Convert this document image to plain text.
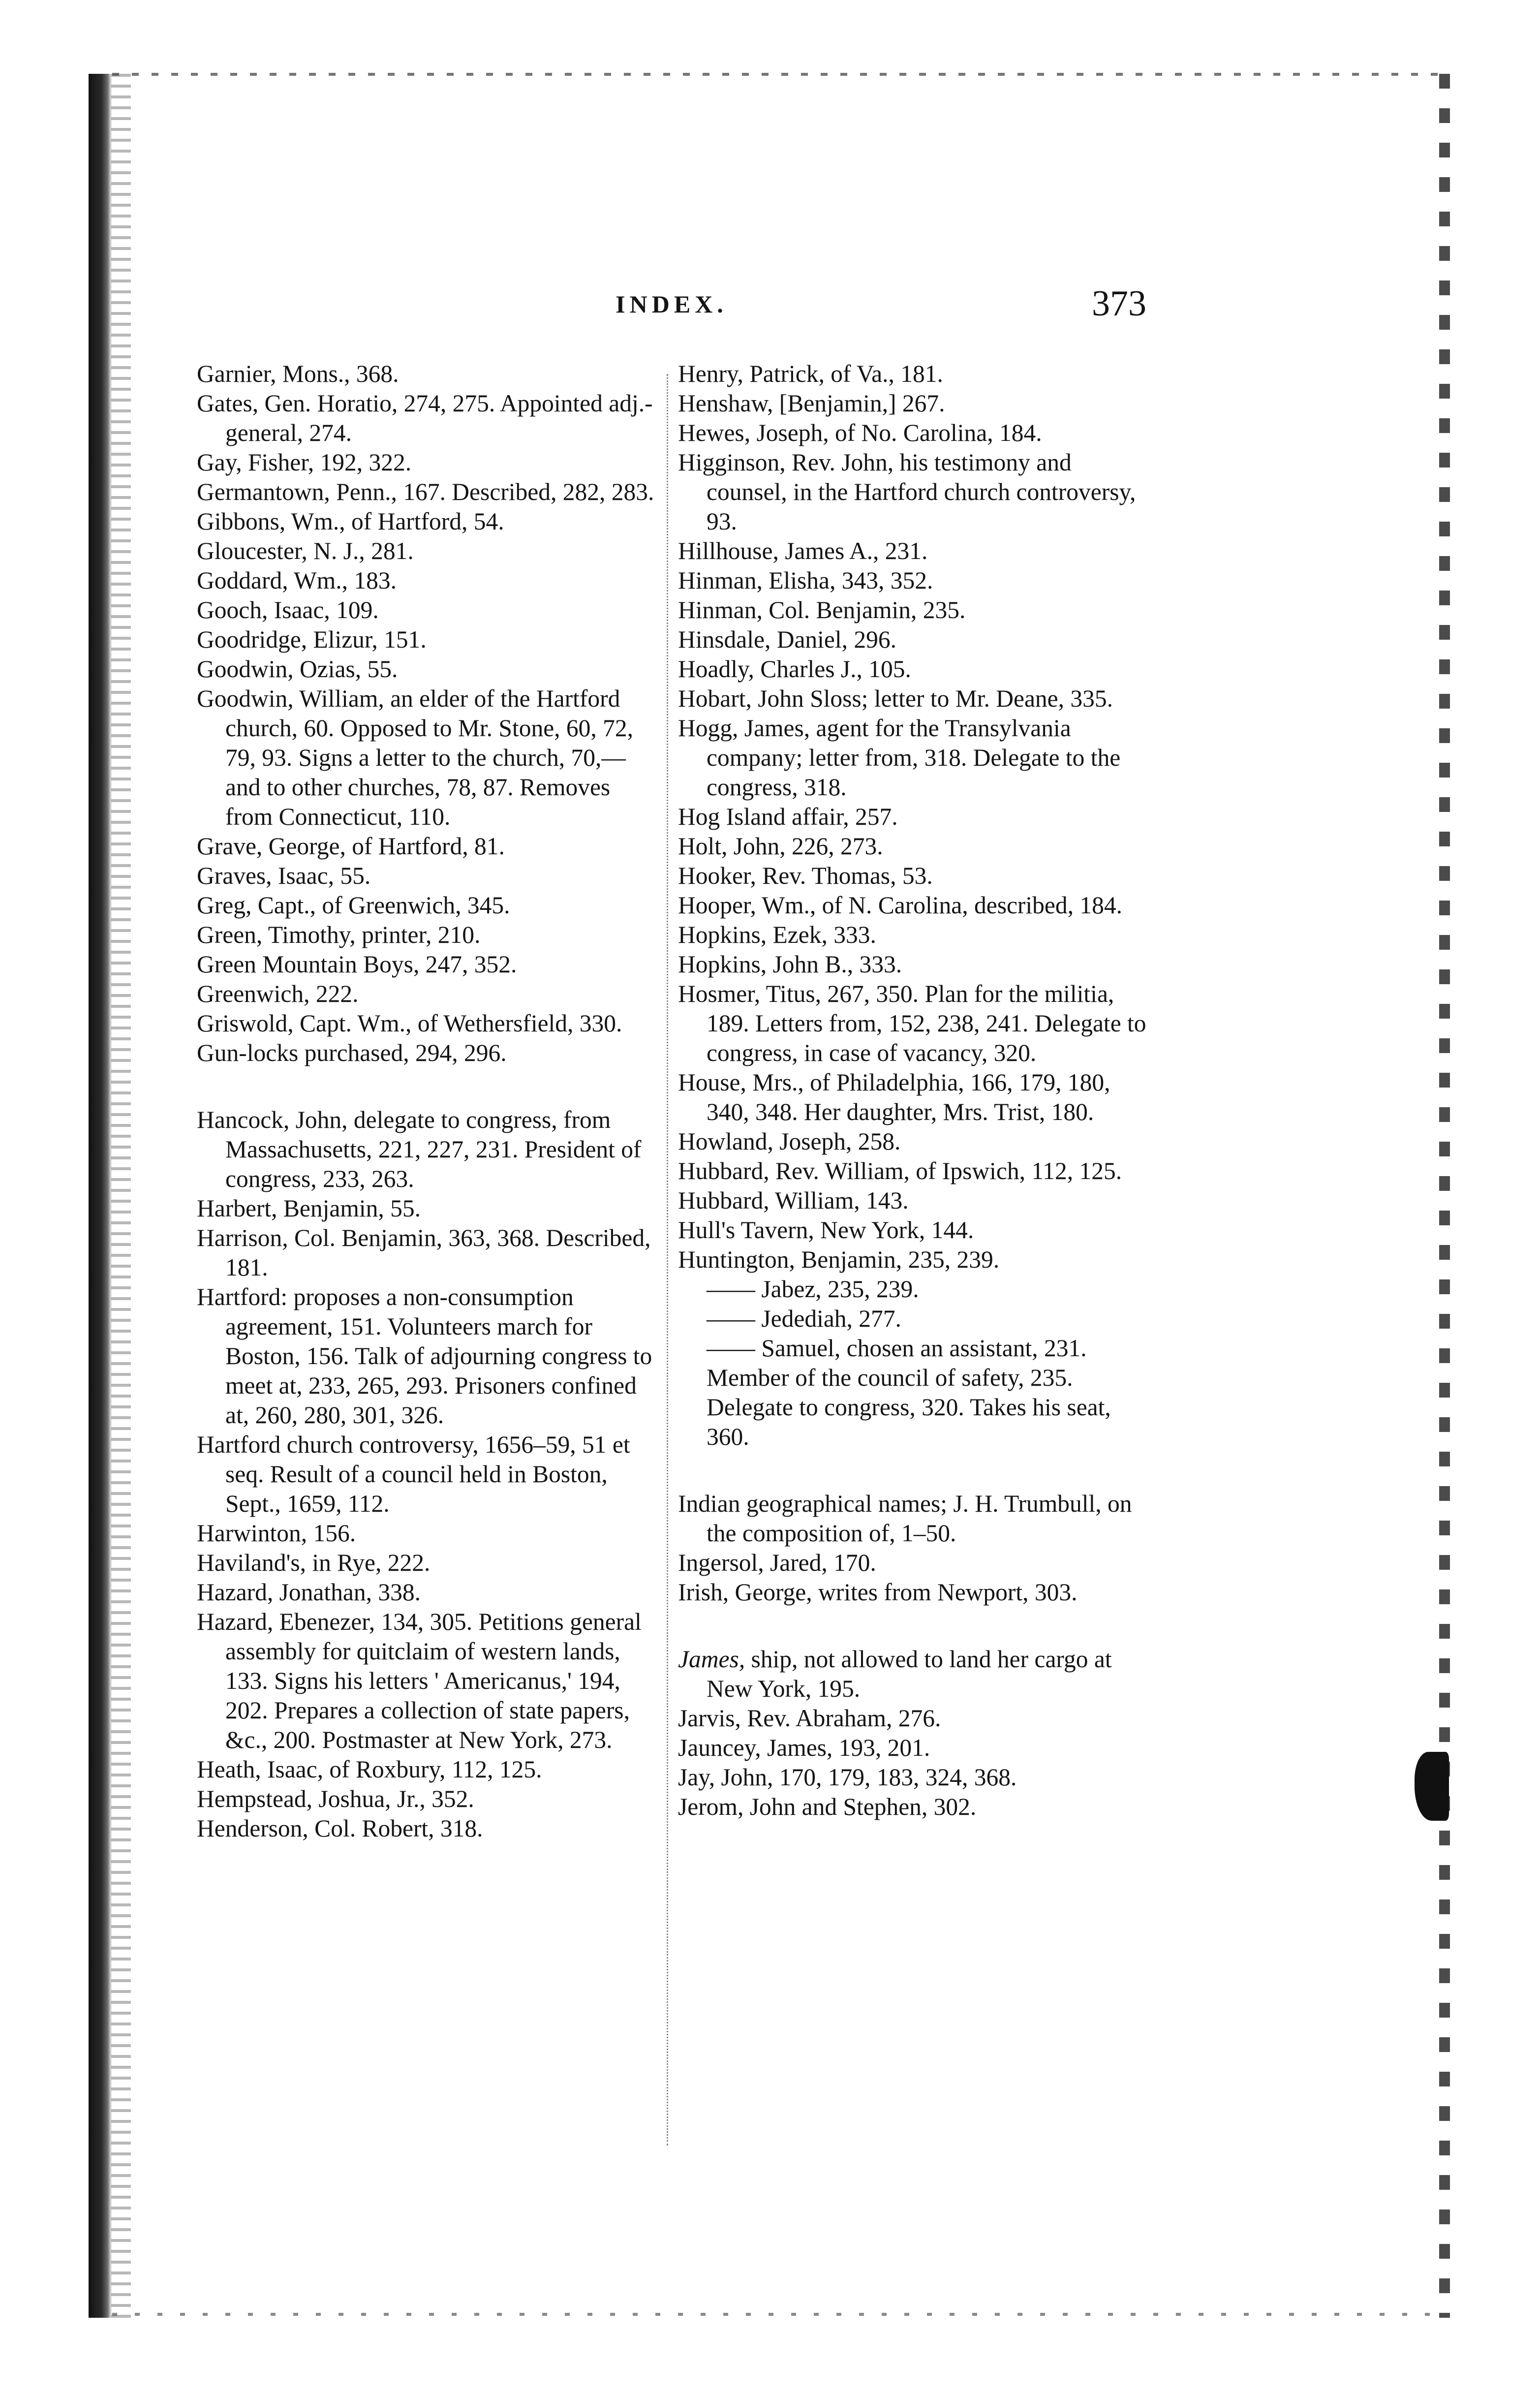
INDEX.	373

Garnier, Mons., 368.

Gates, Gen. Horatio, 274, 275. Appointed adj.-general, 274.

Gay, Fisher, 192, 322.

Germantown, Penn., 167. Described, 282, 283.

Gibbons, Wm., of Hartford, 54.

Gloucester, N. J., 281.

Goddard, Wm., 183.

Gooch, Isaac, 109.

Goodridge, Elizur, 151.

Goodwin, Ozias, 55.

Goodwin, William, an elder of the Hartford church, 60. Opposed to Mr. Stone, 60, 72, 79, 93. Signs a letter to the church, 70,—and to other churches, 78, 87. Removes from Connecticut, 110.

Grave, George, of Hartford, 81.

Graves, Isaac, 55.

Greg, Capt., of Greenwich, 345.

Green, Timothy, printer, 210.

Green Mountain Boys, 247, 352.

Greenwich, 222.

Griswold, Capt. Wm., of Wethersfield, 330.

Gun-locks purchased, 294, 296.

Hancock, John, delegate to congress, from Massachusetts, 221, 227, 231. President of congress, 233, 263.

Harbert, Benjamin, 55.

Harrison, Col. Benjamin, 363, 368. Described, 181.

Hartford: proposes a non-consumption agreement, 151. Volunteers march for Boston, 156. Talk of adjourning congress to meet at, 233, 265, 293. Prisoners confined at, 260, 280, 301, 326.

Hartford church controversy, 1656–59, 51 et seq. Result of a council held in Boston, Sept., 1659, 112.

Harwinton, 156.

Haviland's, in Rye, 222.

Hazard, Jonathan, 338.

Hazard, Ebenezer, 134, 305. Petitions general assembly for quitclaim of western lands, 133. Signs his letters ' Americanus,' 194, 202. Prepares a collection of state papers, &c., 200. Postmaster at New York, 273.

Heath, Isaac, of Roxbury, 112, 125.

Hempstead, Joshua, Jr., 352.

Henderson, Col. Robert, 318.

Henry, Patrick, of Va., 181.

Henshaw, [Benjamin,] 267.

Hewes, Joseph, of No. Carolina, 184.

Higginson, Rev. John, his testimony and counsel, in the Hartford church controversy, 93.

Hillhouse, James A., 231.

Hinman, Elisha, 343, 352.

Hinman, Col. Benjamin, 235.

Hinsdale, Daniel, 296.

Hoadly, Charles J., 105.

Hobart, John Sloss; letter to Mr. Deane, 335.

Hogg, James, agent for the Transylvania company; letter from, 318. Delegate to the congress, 318.

Hog Island affair, 257.

Holt, John, 226, 273.

Hooker, Rev. Thomas, 53.

Hooper, Wm., of N. Carolina, described, 184.

Hopkins, Ezek, 333.

Hopkins, John B., 333.

Hosmer, Titus, 267, 350. Plan for the militia, 189. Letters from, 152, 238, 241. Delegate to congress, in case of vacancy, 320.

House, Mrs., of Philadelphia, 166, 179, 180, 340, 348. Her daughter, Mrs. Trist, 180.

Howland, Joseph, 258.

Hubbard, Rev. William, of Ipswich, 112, 125.

Hubbard, William, 143.

Hull's Tavern, New York, 144.

Huntington, Benjamin, 235, 239.

—— Jabez, 235, 239.

—— Jedediah, 277.

—— Samuel, chosen an assistant, 231. Member of the council of safety, 235. Delegate to congress, 320. Takes his seat, 360.

Indian geographical names; J. H. Trumbull, on the composition of, 1–50.

Ingersol, Jared, 170.

Irish, George, writes from Newport, 303.

James, ship, not allowed to land her cargo at New York, 195.

Jarvis, Rev. Abraham, 276.

Jauncey, James, 193, 201.

Jay, John, 170, 179, 183, 324, 368.

Jerom, John and Stephen, 302.
